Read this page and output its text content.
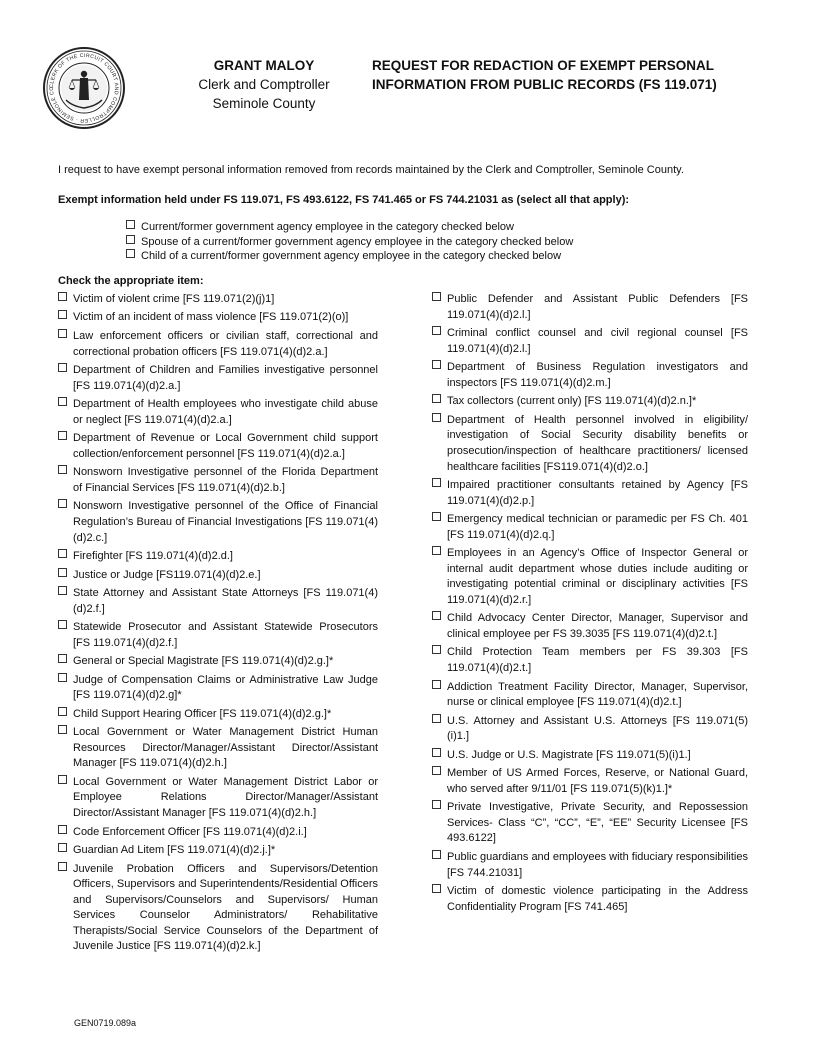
CLERK OF THE CIRCUIT COURT AND COMPTROLLER · SEMINOLE CO
GRANT MALOY
Clerk and Comptroller
Seminole County
REQUEST FOR REDACTION OF EXEMPT PERSONAL
INFORMATION FROM PUBLIC RECORDS (FS 119.071)
I request to have exempt personal information removed from records maintained by the Clerk and Comptroller, Seminole County.
Exempt information held under FS 119.071, FS 493.6122, FS 741.465 or FS 744.21031 as (select all that apply):
Current/former government agency employee in the category checked below
Spouse of a current/former government agency employee in the category checked below
Child of a current/former government agency employee in the category checked below
Check the appropriate item:
Victim of violent crime [FS 119.071(2)(j)1]
Victim of an incident of mass violence [FS 119.071(2)(o)]
Law enforcement officers or civilian staff, correctional and correctional probation officers [FS 119.071(4)(d)2.a.]
Department of Children and Families investigative personnel [FS 119.071(4)(d)2.a.]
Department of Health employees who investigate child abuse or neglect [FS 119.071(4)(d)2.a.]
Department of Revenue or Local Government child support collection/enforcement personnel [FS 119.071(4)(d)2.a.]
Nonsworn Investigative personnel of the Florida Department of Financial Services [FS 119.071(4)(d)2.b.]
Nonsworn Investigative personnel of the Office of Financial Regulation’s Bureau of Financial Investigations [FS 119.071(4)(d)2.c.]
Firefighter [FS 119.071(4)(d)2.d.]
Justice or Judge [FS119.071(4)(d)2.e.]
State Attorney and Assistant State Attorneys [FS 119.071(4)(d)2.f.]
Statewide Prosecutor and Assistant Statewide Prosecutors [FS 119.071(4)(d)2.f.]
General or Special Magistrate [FS 119.071(4)(d)2.g.]*
Judge of Compensation Claims or Administrative Law Judge [FS 119.071(4)(d)2.g]*
Child Support Hearing Officer [FS 119.071(4)(d)2.g.]*
Local Government or Water Management District Human Resources Director/Manager/Assistant Director/Assistant Manager [FS 119.071(4)(d)2.h.]
Local Government or Water Management District Labor or Employee Relations Director/Manager/Assistant Director/Assistant Manager [FS 119.071(4)(d)2.h.]
Code Enforcement Officer [FS 119.071(4)(d)2.i.]
Guardian Ad Litem [FS 119.071(4)(d)2.j.]*
Juvenile Probation Officers and Supervisors/Detention Officers, Supervisors and Superintendents/Residential Officers and Supervisors/Counselors and Supervisors/ Human Services Counselor Administrators/ Rehabilitative Therapists/Social Service Counselors of the Department of Juvenile Justice [FS 119.071(4)(d)2.k.]
Public Defender and Assistant Public Defenders [FS 119.071(4)(d)2.l.]
Criminal conflict counsel and civil regional counsel [FS 119.071(4)(d)2.l.]
Department of Business Regulation investigators and inspectors [FS 119.071(4)(d)2.m.]
Tax collectors (current only) [FS 119.071(4)(d)2.n.]*
Department of Health personnel involved in eligibility/ investigation of Social Security disability benefits or prosecution/inspection of healthcare practitioners/ licensed healthcare facilities [FS119.071(4)(d)2.o.]
Impaired practitioner consultants retained by Agency [FS 119.071(4)(d)2.p.]
Emergency medical technician or paramedic per FS Ch. 401 [FS 119.071(4)(d)2.q.]
Employees in an Agency’s Office of Inspector General or internal audit department whose duties include auditing or investigating potential criminal or disciplinary activities [FS 119.071(4)(d)2.r.]
Child Advocacy Center Director, Manager, Supervisor and clinical employee per FS 39.3035 [FS 119.071(4)(d)2.t.]
Child Protection Team members per FS 39.303 [FS 119.071(4)(d)2.t.]
Addiction Treatment Facility Director, Manager, Supervisor, nurse or clinical employee [FS 119.071(4)(d)2.t.]
U.S. Attorney and Assistant U.S. Attorneys [FS 119.071(5)(i)1.]
U.S. Judge or U.S. Magistrate [FS 119.071(5)(i)1.]
Member of US Armed Forces, Reserve, or National Guard, who served after 9/11/01 [FS 119.071(5)(k)1.]*
Private Investigative, Private Security, and Repossession Services- Class “C”, “CC”, “E”, “EE” Security Licensee [FS 493.6122]
Public guardians and employees with fiduciary responsibilities [FS 744.21031]
Victim of domestic violence participating in the Address Confidentiality Program [FS 741.465]
GEN0719.089a
